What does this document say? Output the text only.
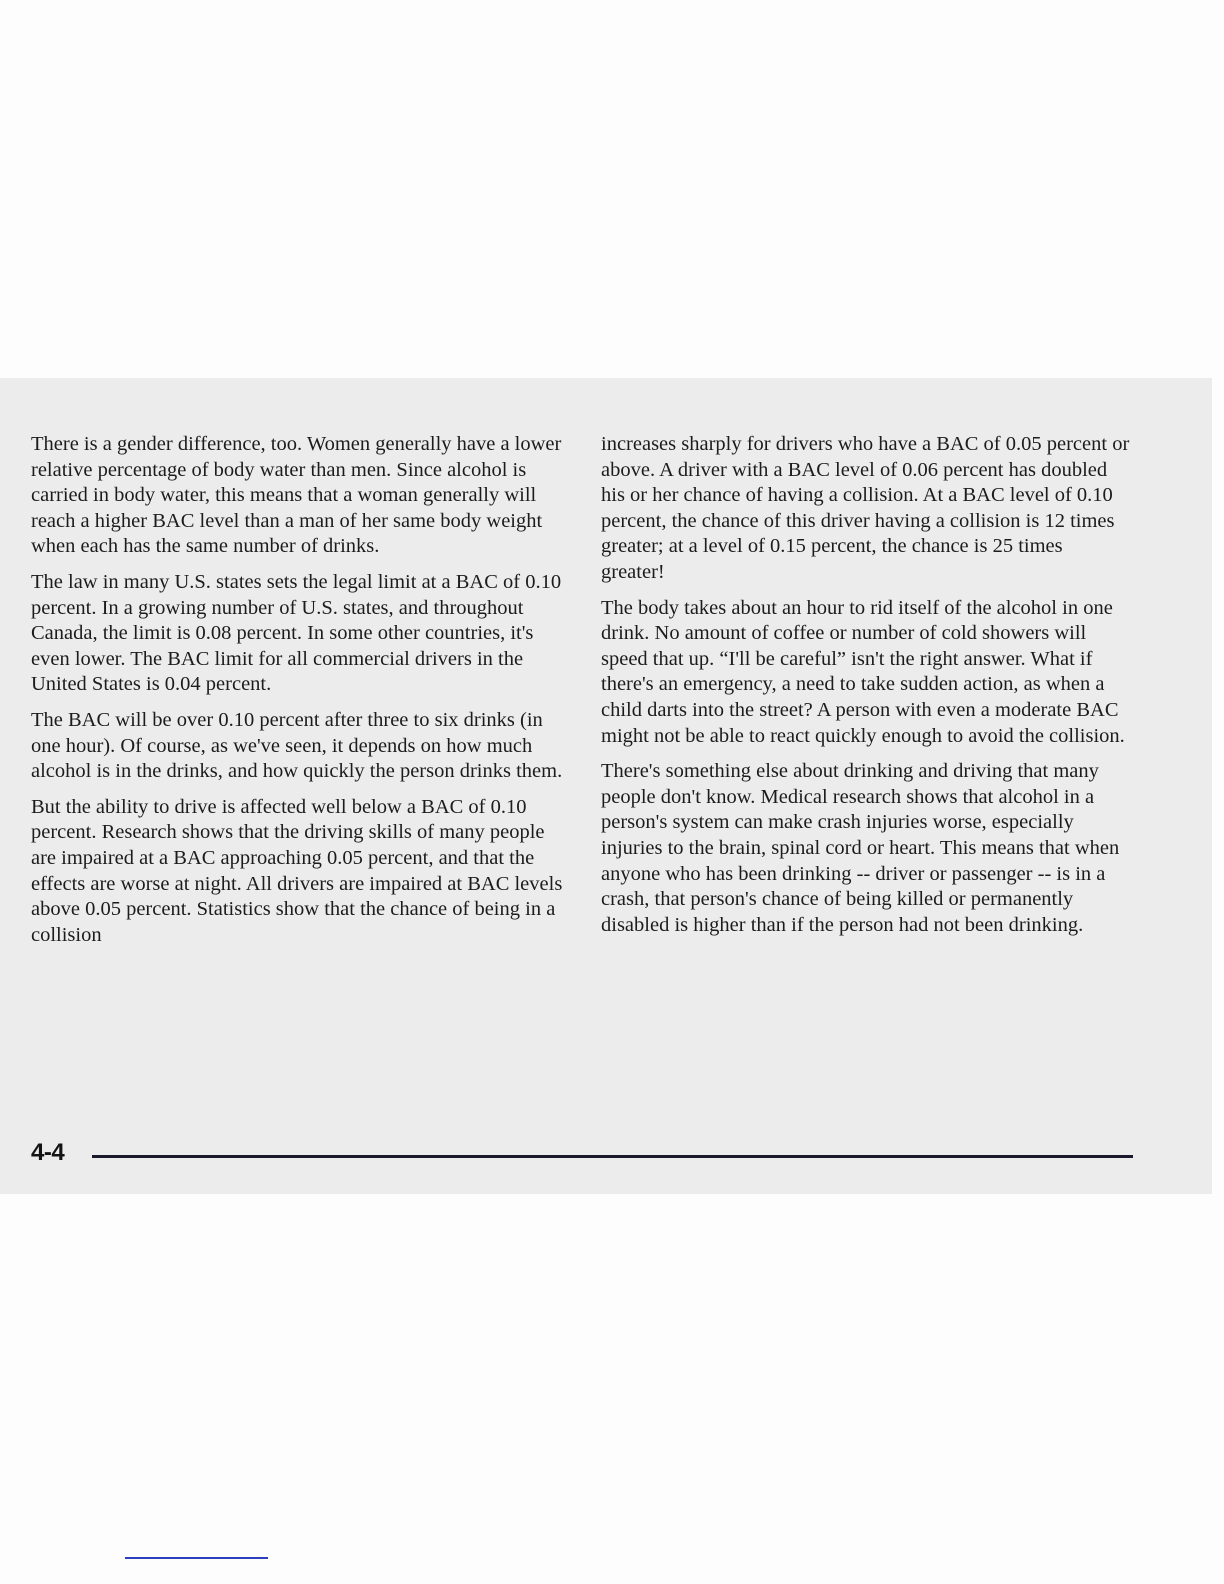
There is a gender difference, too. Women generally have a lower relative percentage of body water than men. Since alcohol is carried in body water, this means that a woman generally will reach a higher BAC level than a man of her same body weight when each has the same number of drinks.

The law in many U.S. states sets the legal limit at a BAC of 0.10 percent. In a growing number of U.S. states, and throughout Canada, the limit is 0.08 percent. In some other countries, it's even lower. The BAC limit for all commercial drivers in the United States is 0.04 percent.

The BAC will be over 0.10 percent after three to six drinks (in one hour). Of course, as we've seen, it depends on how much alcohol is in the drinks, and how quickly the person drinks them.

But the ability to drive is affected well below a BAC of 0.10 percent. Research shows that the driving skills of many people are impaired at a BAC approaching 0.05 percent, and that the effects are worse at night. All drivers are impaired at BAC levels above 0.05 percent. Statistics show that the chance of being in a collision

increases sharply for drivers who have a BAC of 0.05 percent or above. A driver with a BAC level of 0.06 percent has doubled his or her chance of having a collision. At a BAC level of 0.10 percent, the chance of this driver having a collision is 12 times greater; at a level of 0.15 percent, the chance is 25 times greater!

The body takes about an hour to rid itself of the alcohol in one drink. No amount of coffee or number of cold showers will speed that up. “I'll be careful” isn't the right answer. What if there's an emergency, a need to take sudden action, as when a child darts into the street? A person with even a moderate BAC might not be able to react quickly enough to avoid the collision.

There's something else about drinking and driving that many people don't know. Medical research shows that alcohol in a person's system can make crash injuries worse, especially injuries to the brain, spinal cord or heart. This means that when anyone who has been drinking -- driver or passenger -- is in a crash, that person's chance of being killed or permanently disabled is higher than if the person had not been drinking.

4-4
